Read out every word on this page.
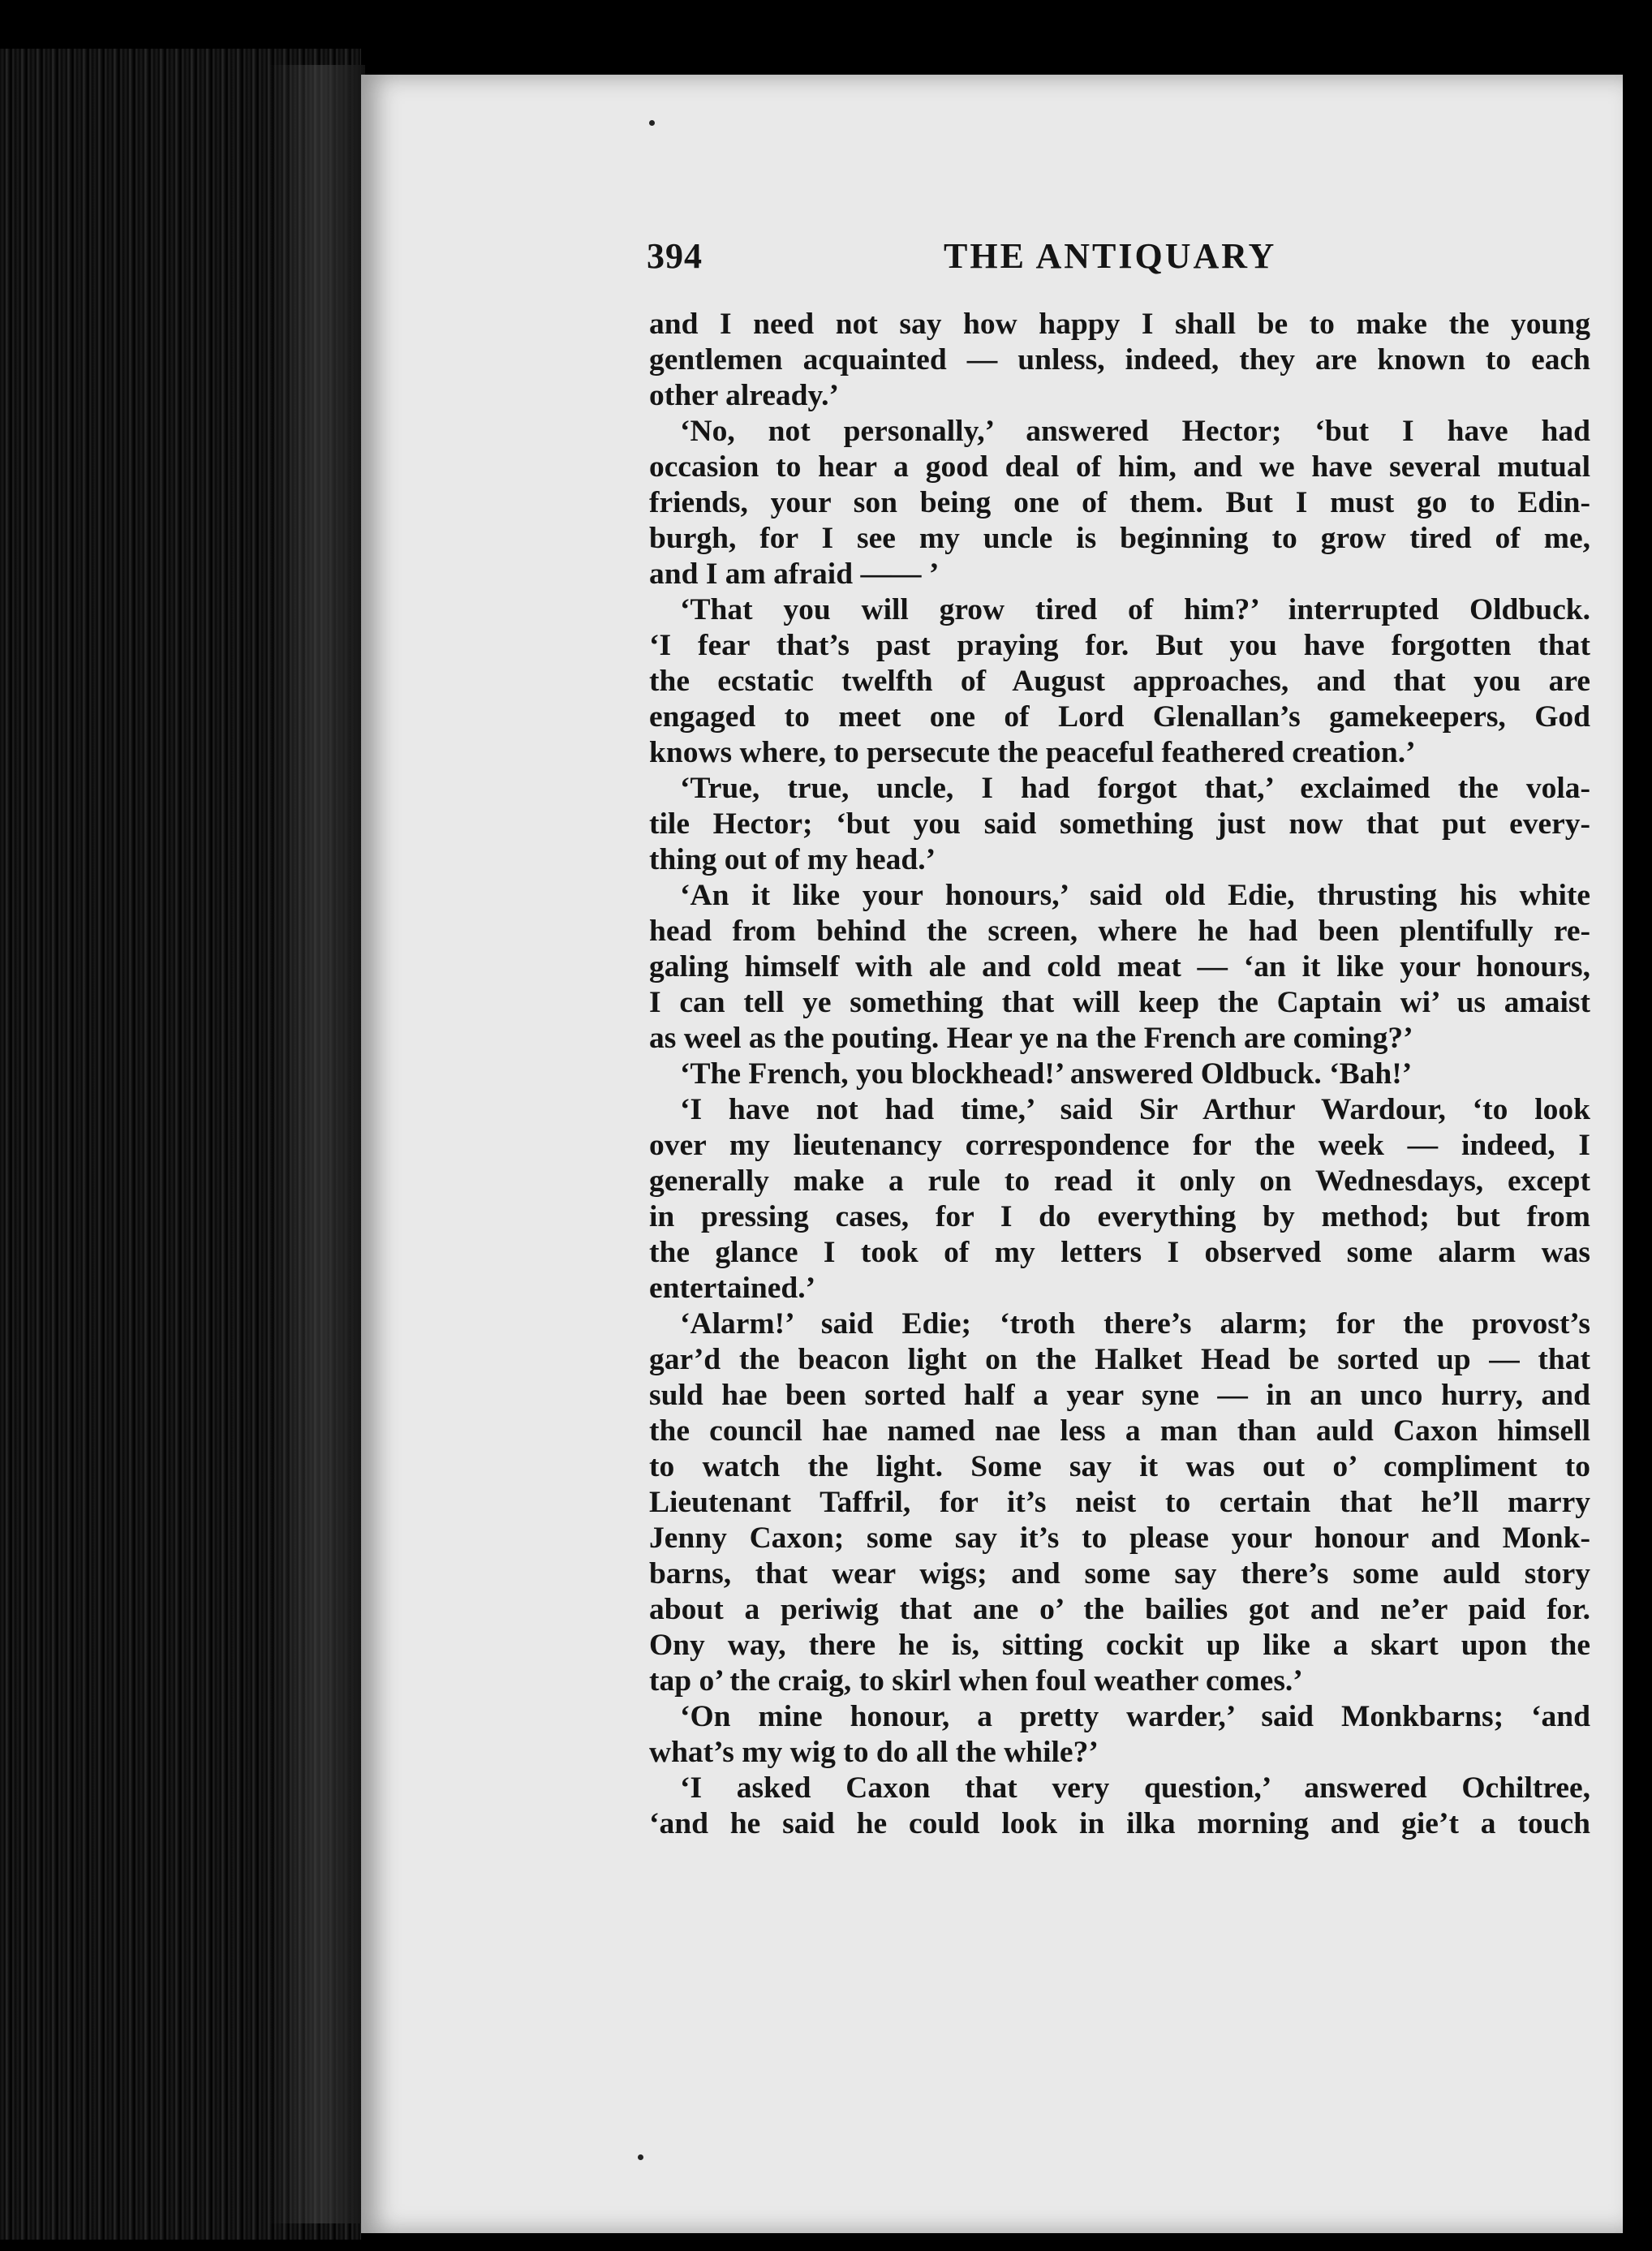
394	THE ANTIQUARY
and I need not say how happy I shall be to make the young
gentlemen acquainted — unless, indeed, they are known to each
other already.’
‘No, not personally,’ answered Hector; ‘but I have had
occasion to hear a good deal of him, and we have several mutual
friends, your son being one of them. But I must go to Edin-
burgh, for I see my uncle is beginning to grow tired of me,
and I am afraid —— ’
‘That you will grow tired of him?’ interrupted Oldbuck.
‘I fear that’s past praying for. But you have forgotten that
the ecstatic twelfth of August approaches, and that you are
engaged to meet one of Lord Glenallan’s gamekeepers, God
knows where, to persecute the peaceful feathered creation.’
‘True, true, uncle, I had forgot that,’ exclaimed the vola-
tile Hector; ‘but you said something just now that put every-
thing out of my head.’
‘An it like your honours,’ said old Edie, thrusting his white
head from behind the screen, where he had been plentifully re-
galing himself with ale and cold meat — ‘an it like your honours,
I can tell ye something that will keep the Captain wi’ us amaist
as weel as the pouting. Hear ye na the French are coming?’
‘The French, you blockhead!’ answered Oldbuck. ‘Bah!’
‘I have not had time,’ said Sir Arthur Wardour, ‘to look
over my lieutenancy correspondence for the week — indeed, I
generally make a rule to read it only on Wednesdays, except
in pressing cases, for I do everything by method; but from
the glance I took of my letters I observed some alarm was
entertained.’
‘Alarm!’ said Edie; ‘troth there’s alarm; for the provost’s
gar’d the beacon light on the Halket Head be sorted up — that
suld hae been sorted half a year syne — in an unco hurry, and
the council hae named nae less a man than auld Caxon himsell
to watch the light. Some say it was out o’ compliment to
Lieutenant Taffril, for it’s neist to certain that he’ll marry
Jenny Caxon; some say it’s to please your honour and Monk-
barns, that wear wigs; and some say there’s some auld story
about a periwig that ane o’ the bailies got and ne’er paid for.
Ony way, there he is, sitting cockit up like a skart upon the
tap o’ the craig, to skirl when foul weather comes.’
‘On mine honour, a pretty warder,’ said Monkbarns; ‘and
what’s my wig to do all the while?’
‘I asked Caxon that very question,’ answered Ochiltree,
‘and he said he could look in ilka morning and gie’t a touch
